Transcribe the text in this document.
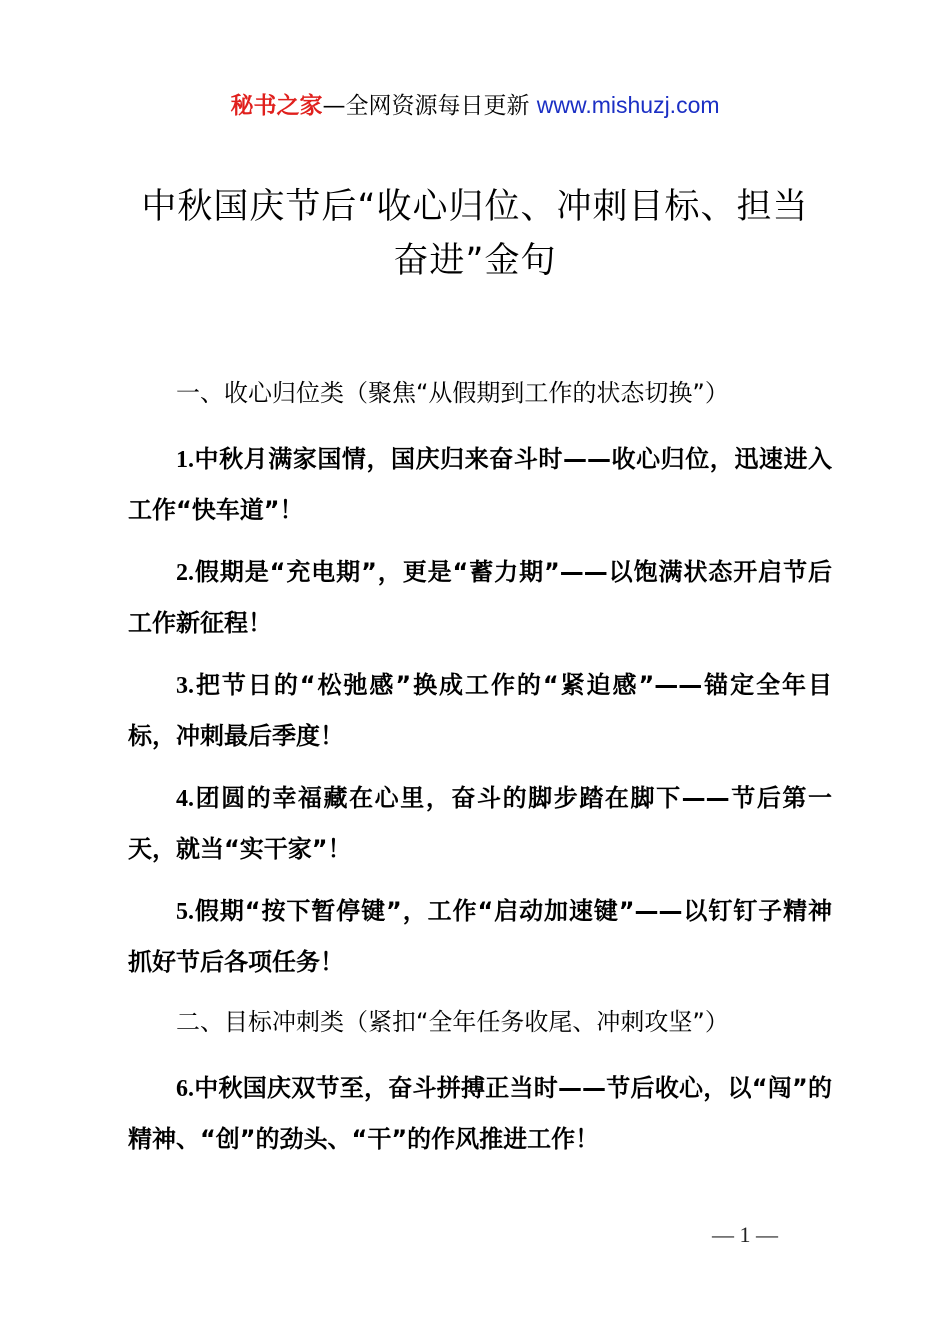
秘书之家—全网资源每日更新 www.mishuzj.com
中秋国庆节后“收心归位、冲刺目标、担当
奋进”金句
一、收心归位类（聚焦“从假期到工作的状态切换”）

1.中秋月满家国情，国庆归来奋斗时——收心归位，迅速进入工作“快车道”！

2.假期是“充电期”，更是“蓄力期”——以饱满状态开启节后工作新征程！

3.把节日的“松弛感”换成工作的“紧迫感”——锚定全年目标，冲刺最后季度！

4.团圆的幸福藏在心里，奋斗的脚步踏在脚下——节后第一天，就当“实干家”！

5.假期“按下暂停键”，工作“启动加速键”——以钉钉子精神抓好节后各项任务！

二、目标冲刺类（紧扣“全年任务收尾、冲刺攻坚”）

6.中秋国庆双节至，奋斗拼搏正当时——节后收心，以“闯”的精神、“创”的劲头、“干”的作风推进工作！

— 1 —
